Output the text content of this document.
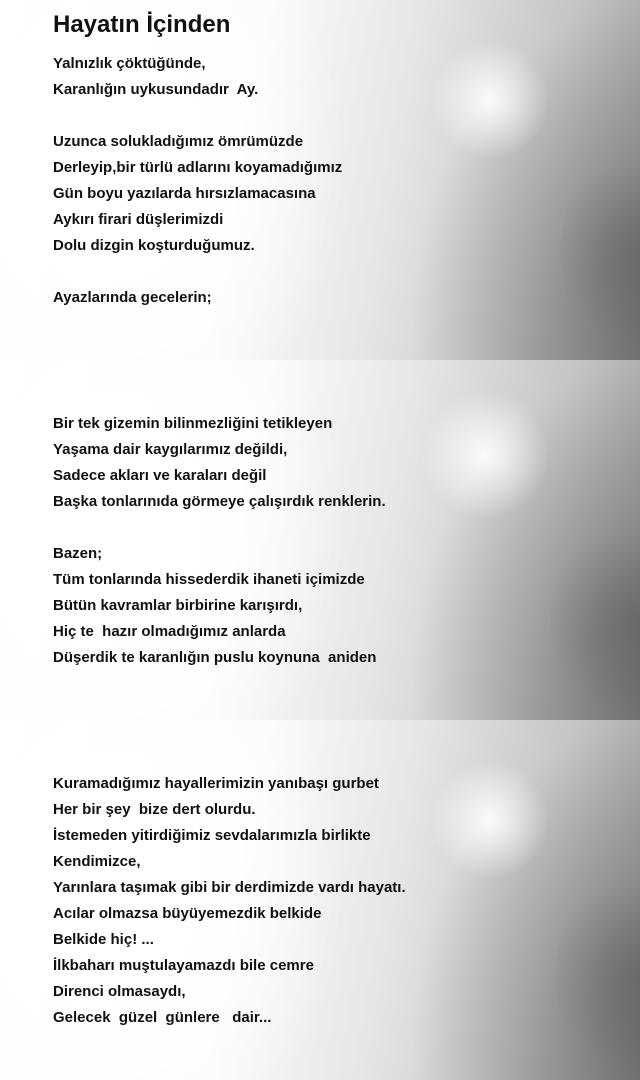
Hayatın İçinden
Yalnızlık çöktüğünde,
Karanlığın uykusundadır  Ay.
Uzunca solukladığımız ömrümüzde
Derleyip,bir türlü adlarını koyamadığımız
Gün boyu yazılarda hırsızlamacasına
Aykırı firari düşlerimizdi
Dolu dizgin koşturduğumuz.
Ayazlarında gecelerin;
Bir tek gizemin bilinmezliğini tetikleyen
Yaşama dair kaygılarımız değildi,
Sadece akları ve karaları değil
Başka tonlarınıda görmeye çalışırdık renklerin.
Bazen;
Tüm tonlarında hissederdik ihaneti içimizde
Bütün kavramlar birbirine karışırdı,
Hiç te  hazır olmadığımız anlarda
Düşerdik te karanlığın puslu koynuna  aniden
Kuramadığımız hayallerimizin yanıbaşı gurbet
Her bir şey  bize dert olurdu.
İstemeden yitirdiğimiz sevdalarımızla birlikte
Kendimizce,
Yarınlara taşımak gibi bir derdimizde vardı hayatı.
Acılar olmazsa büyüyemezdik belkide
Belkide hiç! ...
İlkbaharı muştulayamazdı bile cemre
Direnci olmasaydı,
Gelecek  güzel  günlere   dair...
